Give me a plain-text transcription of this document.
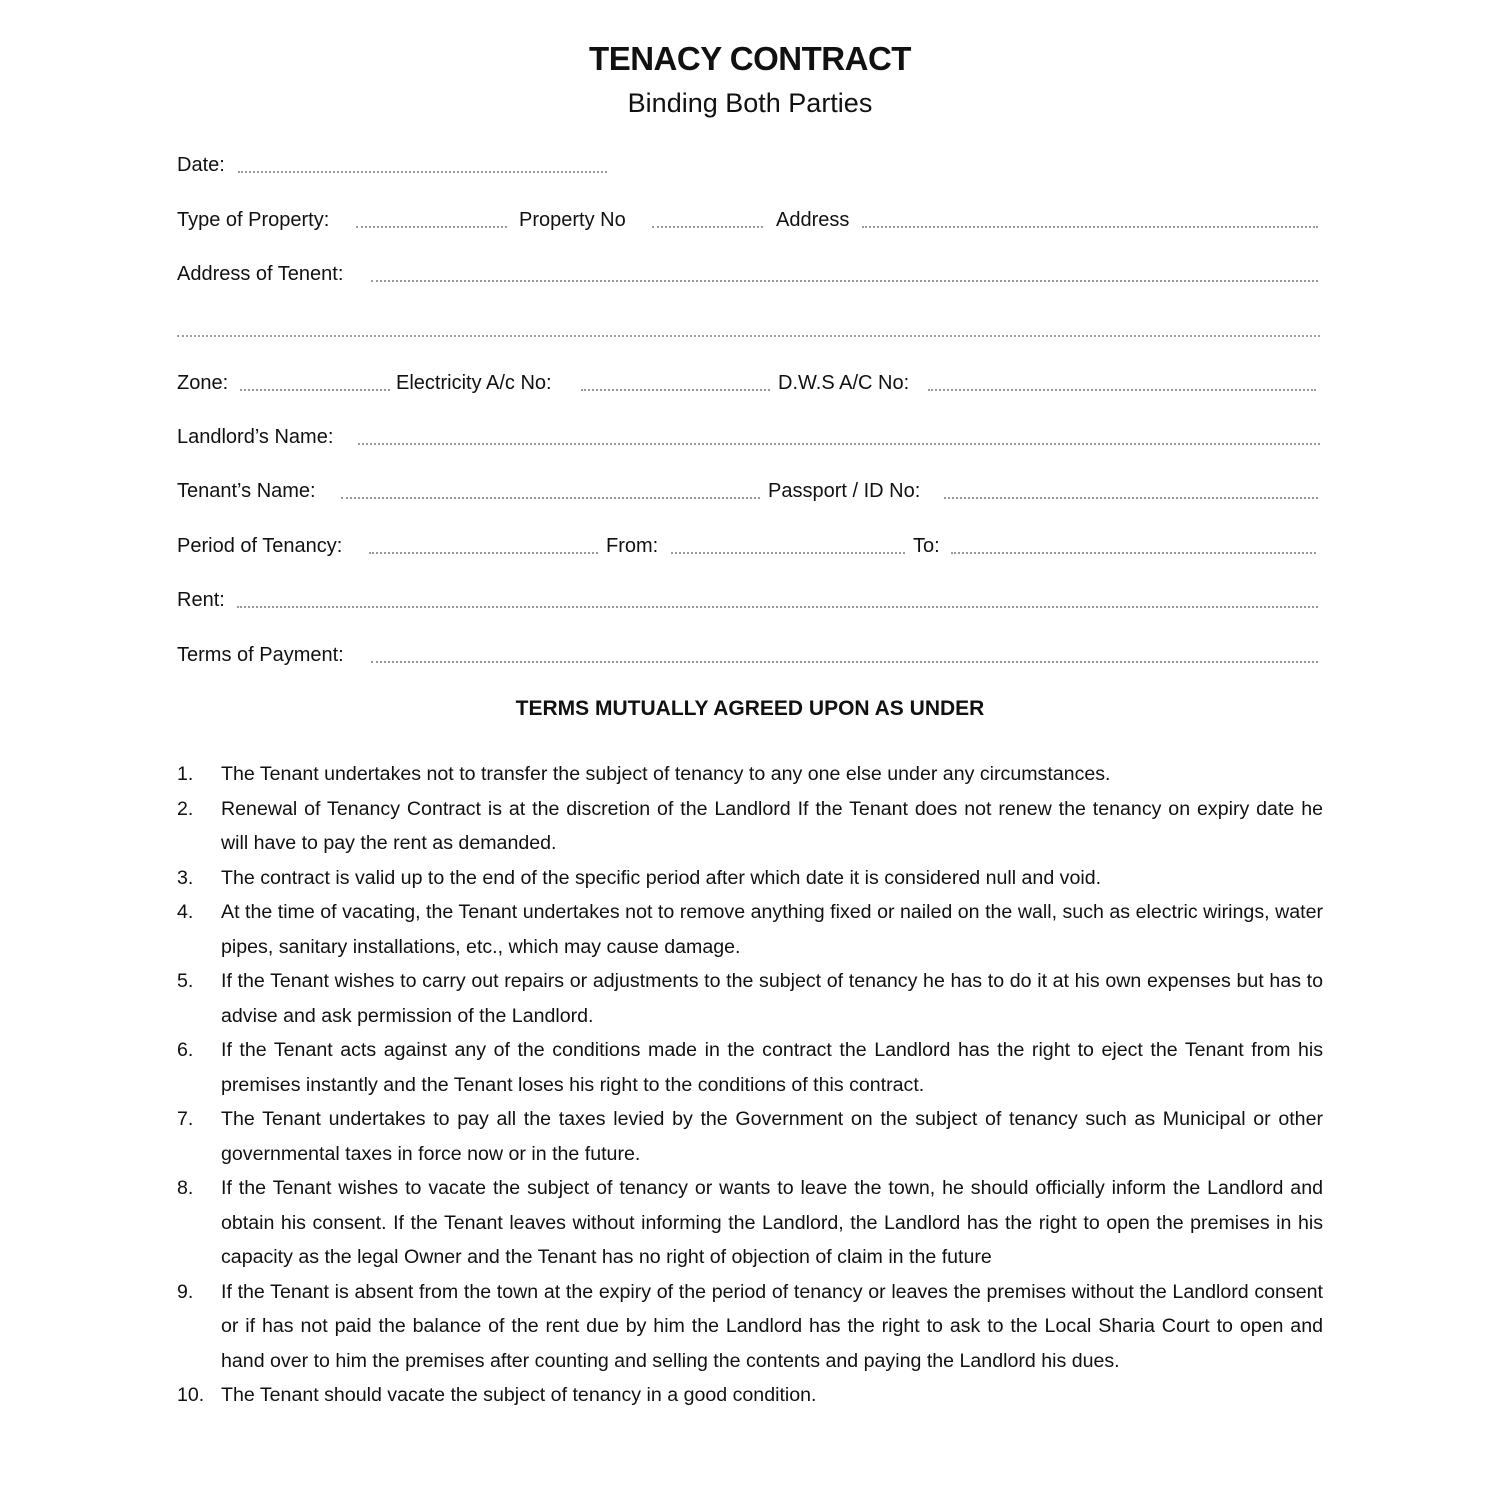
TENACY CONTRACT
Binding Both Parties
Date:
Type of Property:	Property No	Address
Address of Tenent:
Zone:	Electricity A/c No:	D.W.S A/C No:
Landlord’s Name:
Tenant’s Name:	Passport / ID No:
Period of Tenancy:	From:	To:
Rent:
Terms of Payment:
TERMS MUTUALLY AGREED UPON AS UNDER
1. The Tenant undertakes not to transfer the subject of tenancy to any one else under any circumstances.
2. Renewal of Tenancy Contract is at the discretion of the Landlord If the Tenant does not renew the tenancy on expiry date he will have to pay the rent as demanded.
3. The contract is valid up to the end of the specific period after which date it is considered null and void.
4. At the time of vacating, the Tenant undertakes not to remove anything fixed or nailed on the wall, such as electric wirings, water pipes, sanitary installations, etc., which may cause damage.
5. If the Tenant wishes to carry out repairs or adjustments to the subject of tenancy he has to do it at his own expenses but has to advise and ask permission of the Landlord.
6. If the Tenant acts against any of the conditions made in the contract the Landlord has the right to eject the Tenant from his premises instantly and the Tenant loses his right to the conditions of this contract.
7. The Tenant undertakes to pay all the taxes levied by the Government on the subject of tenancy such as Municipal or other governmental taxes in force now or in the future.
8. If the Tenant wishes to vacate the subject of tenancy or wants to leave the town, he should officially inform the Landlord and obtain his consent. If the Tenant leaves without informing the Landlord, the Landlord has the right to open the premises in his capacity as the legal Owner and the Tenant has no right of objection of claim in the future
9. If the Tenant is absent from the town at the expiry of the period of tenancy or leaves the premises without the Landlord consent or if has not paid the balance of the rent due by him the Landlord has the right to ask to the Local Sharia Court to open and hand over to him the premises after counting and selling the contents and paying the Landlord his dues.
10. The Tenant should vacate the subject of tenancy in a good condition.
